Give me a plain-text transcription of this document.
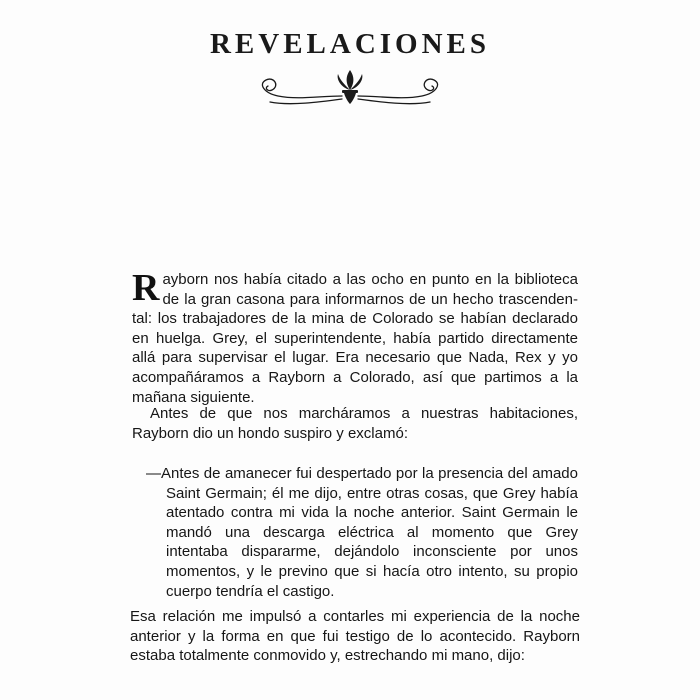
REVELACIONES
Rayborn nos había citado a las ocho en punto en la biblioteca de la gran casona para informarnos de un hecho trascenden-tal: los trabajadores de la mina de Colorado se habían declarado en huelga. Grey, el superintendente, había partido directamente allá para supervisar el lugar. Era necesario que Nada, Rex y yo acompañáramos a Rayborn a Colorado, así que partimos a la mañana siguiente.
Antes de que nos marcháramos a nuestras habitaciones, Rayborn dio un hondo suspiro y exclamó:
—Antes de amanecer fui despertado por la presencia del amado Saint Germain; él me dijo, entre otras cosas, que Grey había atentado contra mi vida la noche anterior. Saint Germain le mandó una descarga eléctrica al momento que Grey intentaba dispararme, dejándolo inconsciente por unos momentos, y le previno que si hacía otro intento, su propio cuerpo tendría el castigo.
Esa relación me impulsó a contarles mi experiencia de la noche anterior y la forma en que fui testigo de lo acontecido. Rayborn estaba totalmente conmovido y, estrechando mi mano, dijo:
